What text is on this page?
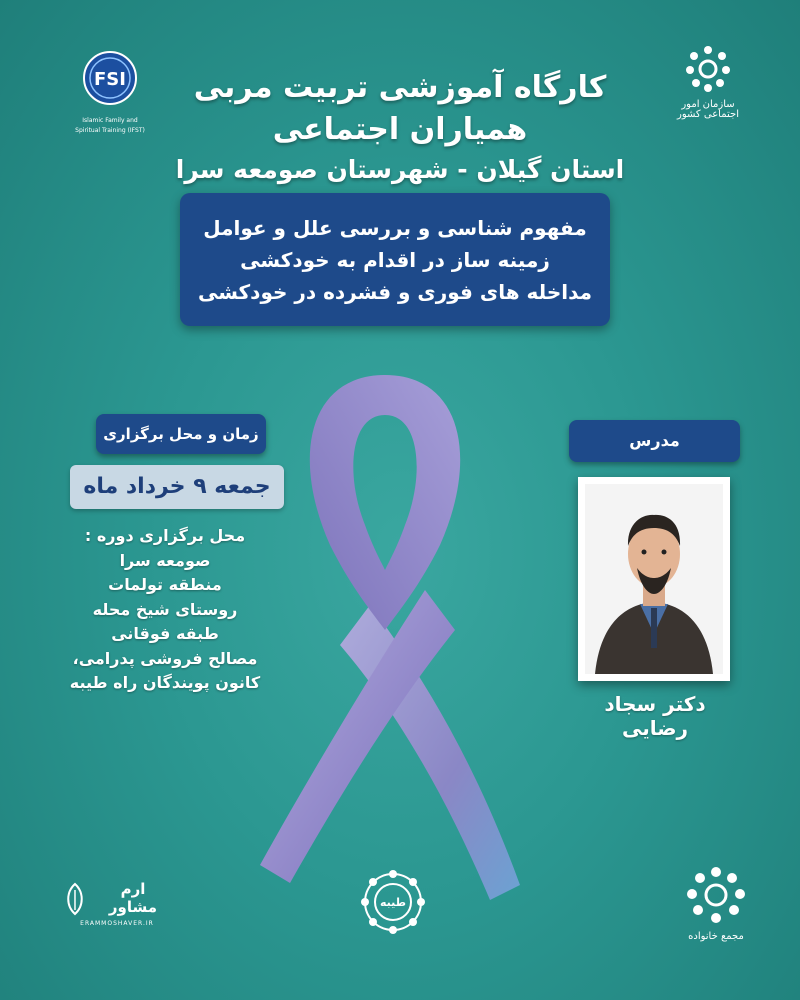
FSI
Islamic Family and Spiritual Training (IFST)
سازمان امور اجتماعی کشور
کارگاه آموزشی تربیت مربی
همیاران اجتماعی
استان گیلان - شهرستان صومعه سرا
مفهوم شناسی و بررسی علل و عوامل
زمینه ساز در اقدام به خودکشی
مداخله های فوری و فشرده در خودکشی
زمان و محل برگزاری
جمعه ۹ خرداد ماه
محل برگزاری دوره :
صومعه سرا
منطقه تولمات
روستای شیخ محله
طبقه فوقانی
مصالح فروشی پدرامی،
کانون پویندگان راه طیبه
مدرس
دکتر سجاد رضایی
ارم مشاور
ERAMMOSHAVER.IR
طیبه
مجمع خانواده
